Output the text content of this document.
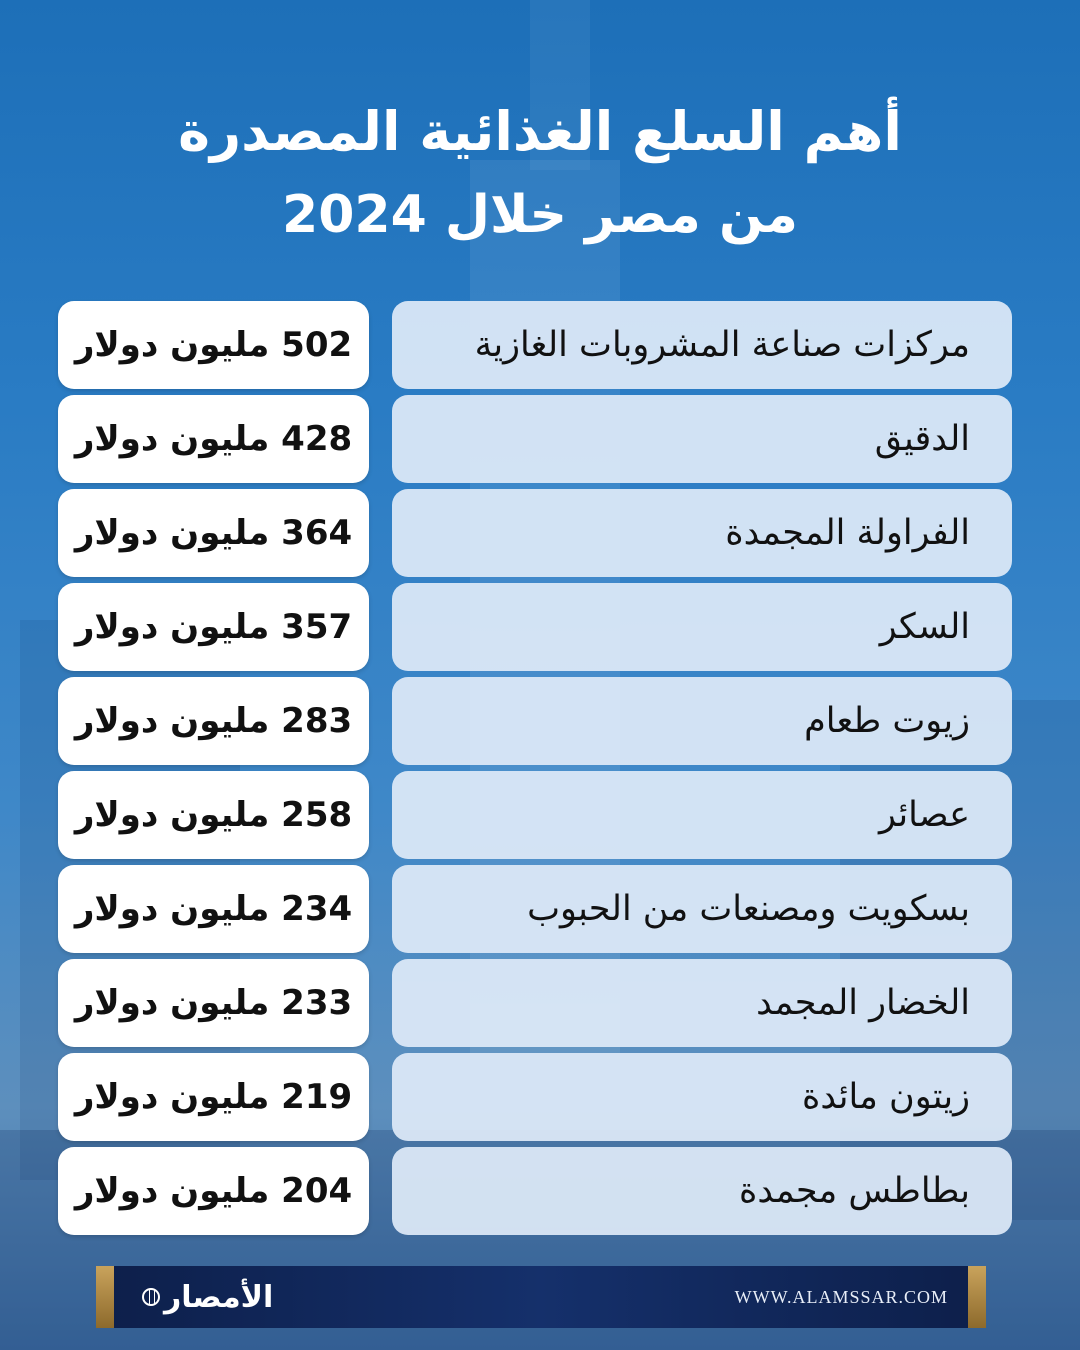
أهم السلع الغذائية المصدرة
من مصر خلال 2024
502 مليون دولار	مركزات صناعة المشروبات الغازية
428 مليون دولار	الدقيق
364 مليون دولار	الفراولة المجمدة
357 مليون دولار	السكر
283 مليون دولار	زيوت طعام
258 مليون دولار	عصائر
234 مليون دولار	بسكويت ومصنعات من الحبوب
233 مليون دولار	الخضار المجمد
219 مليون دولار	زيتون مائدة
204 مليون دولار	بطاطس مجمدة
الأمصار	WWW.ALAMSSAR.COM
